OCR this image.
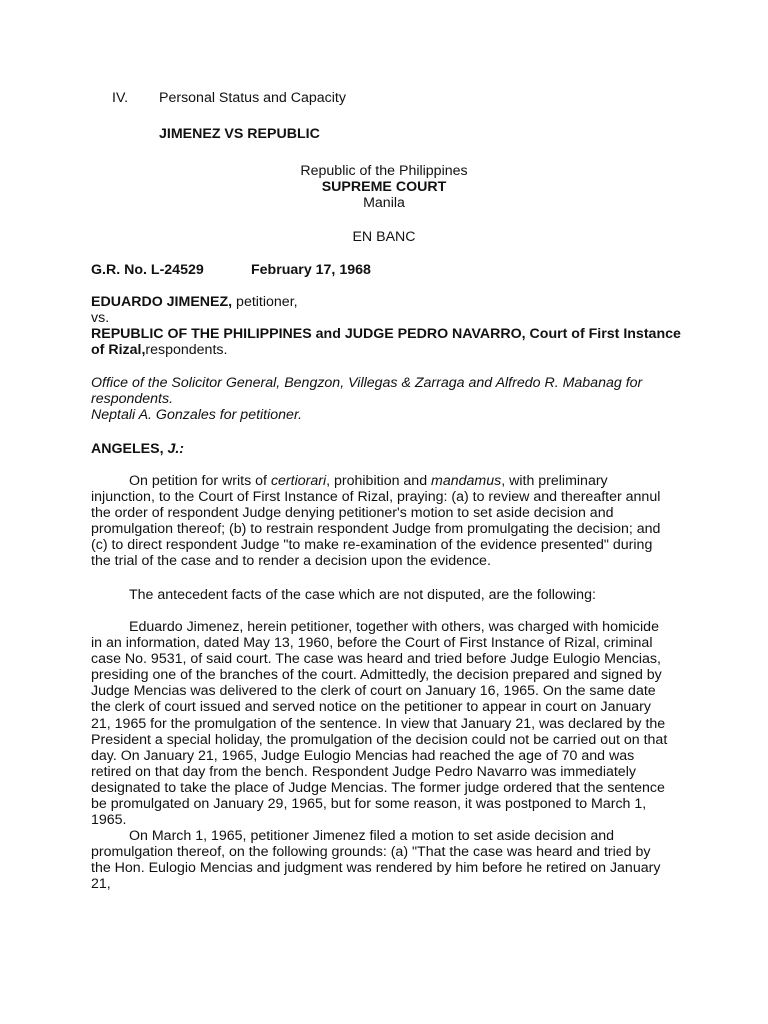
IV. Personal Status and Capacity
JIMENEZ VS REPUBLIC
Republic of the Philippines
SUPREME COURT
Manila
EN BANC
G.R. No. L-24529	February 17, 1968
EDUARDO JIMENEZ, petitioner,
vs.
REPUBLIC OF THE PHILIPPINES and JUDGE PEDRO NAVARRO, Court of First Instance of Rizal,respondents.
Office of the Solicitor General, Bengzon, Villegas & Zarraga and Alfredo R. Mabanag for respondents.
Neptali A. Gonzales for petitioner.
ANGELES, J.:
On petition for writs of certiorari, prohibition and mandamus, with preliminary injunction, to the Court of First Instance of Rizal, praying: (a) to review and thereafter annul the order of respondent Judge denying petitioner's motion to set aside decision and promulgation thereof; (b) to restrain respondent Judge from promulgating the decision; and (c) to direct respondent Judge "to make re-examination of the evidence presented" during the trial of the case and to render a decision upon the evidence.
The antecedent facts of the case which are not disputed, are the following:
Eduardo Jimenez, herein petitioner, together with others, was charged with homicide in an information, dated May 13, 1960, before the Court of First Instance of Rizal, criminal case No. 9531, of said court. The case was heard and tried before Judge Eulogio Mencias, presiding one of the branches of the court. Admittedly, the decision prepared and signed by Judge Mencias was delivered to the clerk of court on January 16, 1965. On the same date the clerk of court issued and served notice on the petitioner to appear in court on January 21, 1965 for the promulgation of the sentence. In view that January 21, was declared by the President a special holiday, the promulgation of the decision could not be carried out on that day. On January 21, 1965, Judge Eulogio Mencias had reached the age of 70 and was retired on that day from the bench. Respondent Judge Pedro Navarro was immediately designated to take the place of Judge Mencias. The former judge ordered that the sentence be promulgated on January 29, 1965, but for some reason, it was postponed to March 1, 1965.
On March 1, 1965, petitioner Jimenez filed a motion to set aside decision and promulgation thereof, on the following grounds: (a) "That the case was heard and tried by the Hon. Eulogio Mencias and judgment was rendered by him before he retired on January 21,
